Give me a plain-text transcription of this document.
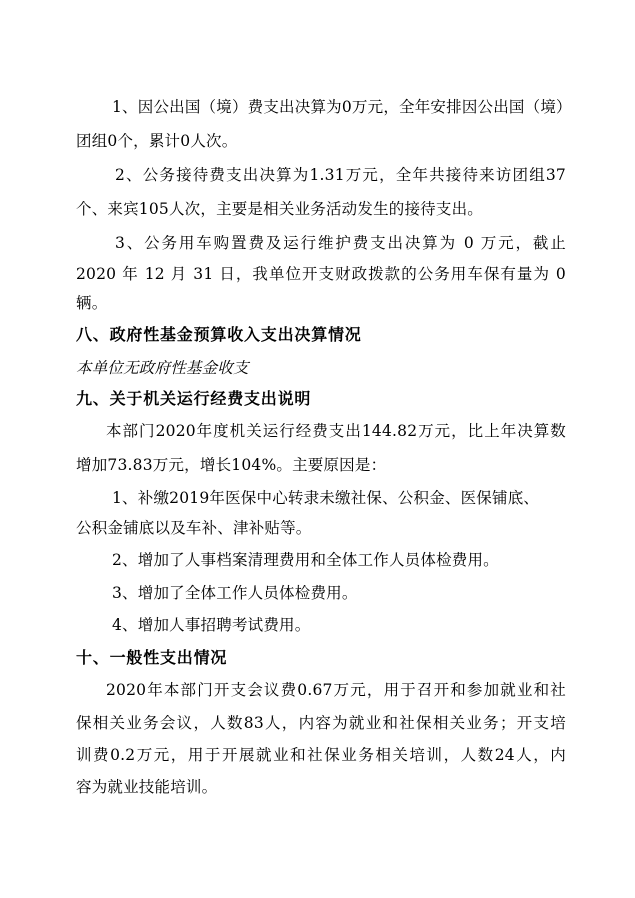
1、因公出国（境）费支出决算为0万元，全年安排因公出国（境）
团组0个，累计0人次。
2、公务接待费支出决算为1.31万元，全年共接待来访团组37
个、来宾105人次，主要是相关业务活动发生的接待支出。
3、公务用车购置费及运行维护费支出决算为 0 万元，截止
2020 年 12 月 31 日，我单位开支财政拨款的公务用车保有量为 0
辆。
八、政府性基金预算收入支出决算情况
本单位无政府性基金收支
九、关于机关运行经费支出说明
本部门2020年度机关运行经费支出144.82万元，比上年决算数
增加73.83万元，增长104%。主要原因是：
1、补缴2019年医保中心转隶未缴社保、公积金、医保铺底、
公积金铺底以及车补、津补贴等。
2、增加了人事档案清理费用和全体工作人员体检费用。
3、增加了全体工作人员体检费用。
4、增加人事招聘考试费用。
十、一般性支出情况
2020年本部门开支会议费0.67万元，用于召开和参加就业和社
保相关业务会议，人数83人，内容为就业和社保相关业务；开支培
训费0.2万元，用于开展就业和社保业务相关培训，人数24人，内
容为就业技能培训。
